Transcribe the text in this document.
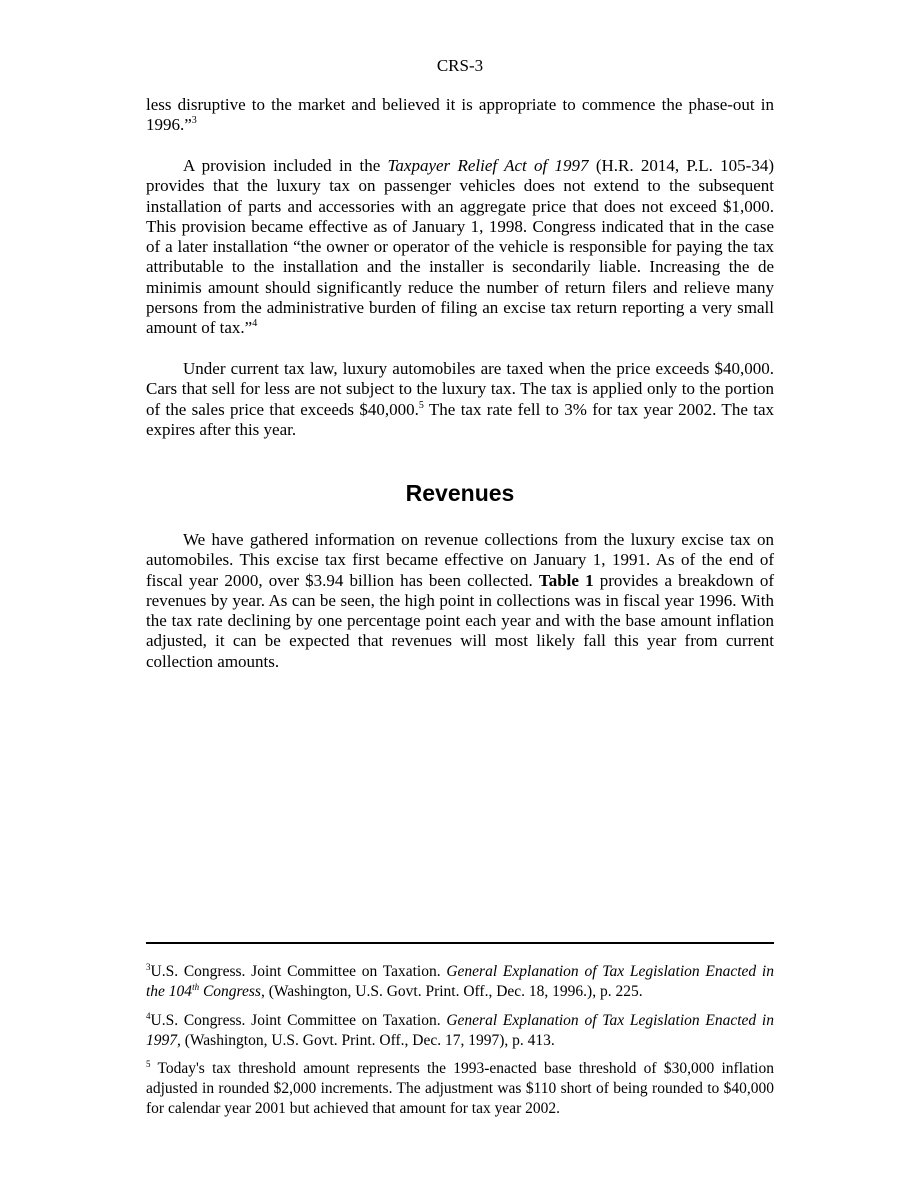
CRS-3

less disruptive to the market and believed it is appropriate to commence the phase-out in 1996.”$^3$

A provision included in the Taxpayer Relief Act of 1997 (H.R. 2014, P.L. 105-34) provides that the luxury tax on passenger vehicles does not extend to the subsequent installation of parts and accessories with an aggregate price that does not exceed $1,000. This provision became effective as of January 1, 1998. Congress indicated that in the case of a later installation “the owner or operator of the vehicle is responsible for paying the tax attributable to the installation and the installer is secondarily liable. Increasing the de minimis amount should significantly reduce the number of return filers and relieve many persons from the administrative burden of filing an excise tax return reporting a very small amount of tax.”$^4$

Under current tax law, luxury automobiles are taxed when the price exceeds $40,000. Cars that sell for less are not subject to the luxury tax. The tax is applied only to the portion of the sales price that exceeds $40,000.$^5$ The tax rate fell to 3% for tax year 2002. The tax expires after this year.

Revenues

We have gathered information on revenue collections from the luxury excise tax on automobiles. This excise tax first became effective on January 1, 1991. As of the end of fiscal year 2000, over $3.94 billion has been collected. Table 1 provides a breakdown of revenues by year. As can be seen, the high point in collections was in fiscal year 1996. With the tax rate declining by one percentage point each year and with the base amount inflation adjusted, it can be expected that revenues will most likely fall this year from current collection amounts.

$^3$U.S. Congress. Joint Committee on Taxation. General Explanation of Tax Legislation Enacted in the 104th Congress, (Washington, U.S. Govt. Print. Off., Dec. 18, 1996.), p. 225.

$^4$U.S. Congress. Joint Committee on Taxation. General Explanation of Tax Legislation Enacted in 1997, (Washington, U.S. Govt. Print. Off., Dec. 17, 1997), p. 413.

$^5$ Today's tax threshold amount represents the 1993-enacted base threshold of $30,000 inflation adjusted in rounded $2,000 increments. The adjustment was $110 short of being rounded to $40,000 for calendar year 2001 but achieved that amount for tax year 2002.
